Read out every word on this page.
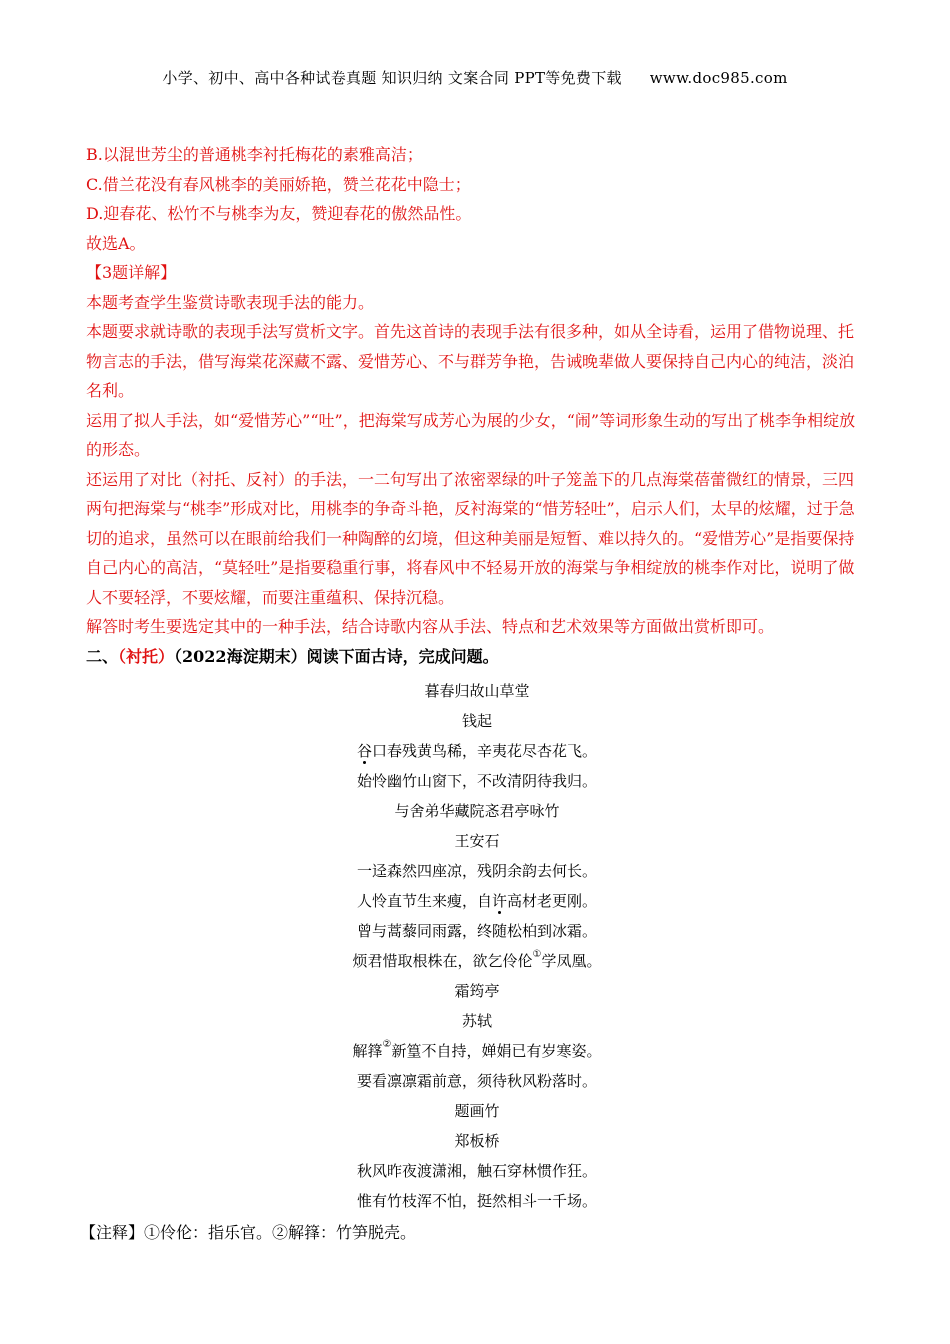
小学、初中、高中各种试卷真题 知识归纳 文案合同 PPT等免费下载 www.doc985.com

B.以混世芳尘的普通桃李衬托梅花的素雅高洁；

C.借兰花没有春风桃李的美丽娇艳，赞兰花花中隐士；

D.迎春花、松竹不与桃李为友，赞迎春花的傲然品性。

故选A。

【3题详解】

本题考查学生鉴赏诗歌表现手法的能力。

本题要求就诗歌的表现手法写赏析文字。首先这首诗的表现手法有很多种，如从全诗看，运用了借物说理、托物言志的手法，借写海棠花深藏不露、爱惜芳心、不与群芳争艳，告诫晚辈做人要保持自己内心的纯洁，淡泊名利。

运用了拟人手法，如“爱惜芳心”“吐”，把海棠写成芳心为展的少女，“闹”等词形象生动的写出了桃李争相绽放的形态。

还运用了对比（衬托、反衬）的手法，一二句写出了浓密翠绿的叶子笼盖下的几点海棠蓓蕾微红的情景，三四两句把海棠与“桃李”形成对比，用桃李的争奇斗艳，反衬海棠的“惜芳轻吐”，启示人们，太早的炫耀，过于急切的追求，虽然可以在眼前给我们一种陶醉的幻境，但这种美丽是短暂、难以持久的。“爱惜芳心”是指要保持自己内心的高洁，“莫轻吐”是指要稳重行事，将春风中不轻易开放的海棠与争相绽放的桃李作对比，说明了做人不要轻浮，不要炫耀，而要注重蕴积、保持沉稳。

解答时考生要选定其中的一种手法，结合诗歌内容从手法、特点和艺术效果等方面做出赏析即可。

二、（衬托）（2022海淀期末）阅读下面古诗，完成问题。

暮春归故山草堂

钱起

谷口春残黄鸟稀，辛夷花尽杏花飞。

始怜幽竹山窗下，不改清阴待我归。

与舍弟华藏院忞君亭咏竹

王安石

一迳森然四座凉，残阴余韵去何长。

人怜直节生来瘦，自许高材老更刚。

曾与蒿藜同雨露，终随松柏到冰霜。

烦君惜取根株在，欲乞伶伦①学凤凰。

霜筠亭

苏轼

解箨②新篁不自持，婵娟已有岁寒姿。

要看凛凛霜前意，须待秋风粉落时。

题画竹

郑板桥

秋风昨夜渡潇湘，触石穿林惯作狂。

惟有竹枝浑不怕，挺然相斗一千场。

【注释】①伶伦：指乐官。②解箨：竹笋脱壳。
